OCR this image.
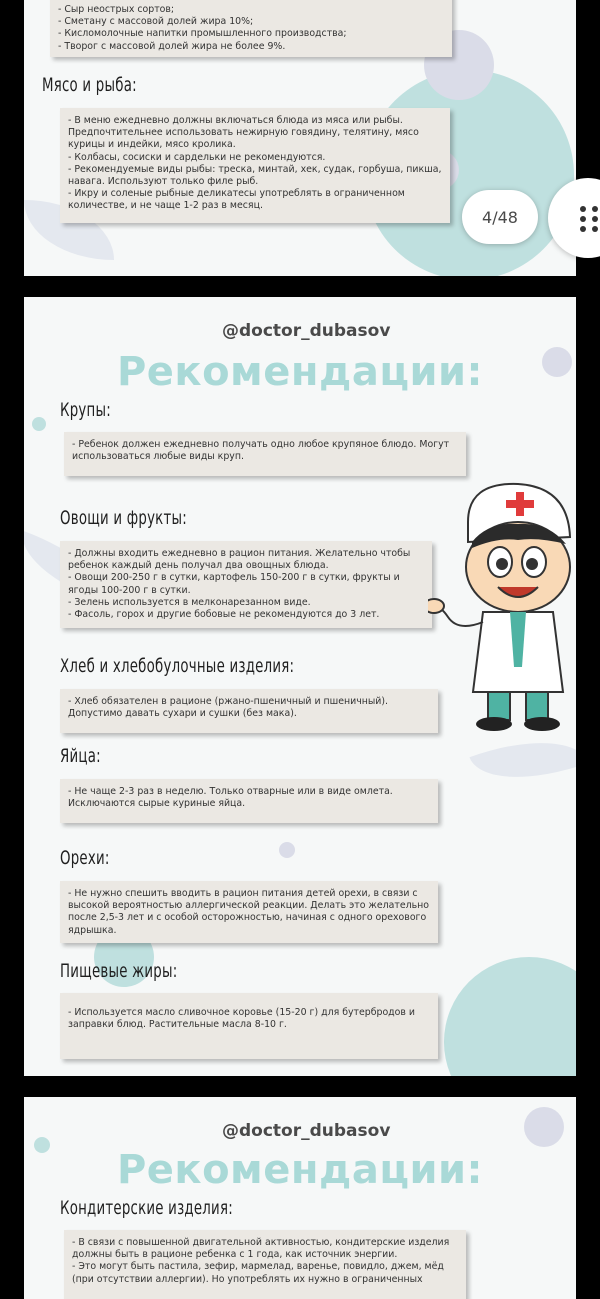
- Сыр неострых сортов;
- Сметану с массовой долей жира 10%;
- Кисломолочные напитки промышленного производства;
- Творог с массовой долей жира не более 9%.
Мясо и рыба:
- В меню ежедневно должны включаться блюда из мяса или рыбы. Предпочтительнее использовать нежирную говядину, телятину, мясо курицы и индейки, мясо кролика.
- Колбасы, сосиски и сардельки не рекомендуются.
- Рекомендуемые виды рыбы: треска, минтай, хек, судак, горбуша, пикша, навага. Используют только филе рыб.
- Икру и соленые рыбные деликатесы употреблять в ограниченном количестве, и не чаще 1-2 раз в месяц.
4/48
@doctor_dubasov
Рекомендации:
Крупы:
- Ребенок должен ежедневно получать одно любое крупяное блюдо. Могут использоваться любые виды круп.
Овощи и фрукты:
- Должны входить ежедневно в рацион питания. Желательно чтобы ребенок каждый день получал два овощных блюда.
- Овощи 200-250 г в сутки, картофель 150-200 г в сутки, фрукты и ягоды 100-200 г в сутки.
- Зелень используется в мелконарезанном виде.
- Фасоль, горох и другие бобовые не рекомендуются до 3 лет.
Хлеб и хлебобулочные изделия:
- Хлеб обязателен в рационе (ржано-пшеничный и пшеничный). Допустимо давать сухари и сушки (без мака).
Яйца:
- Не чаще 2-3 раз в неделю. Только отварные или в виде омлета. Исключаются сырые куриные яйца.
Орехи:
- Не нужно спешить вводить в рацион питания детей орехи, в связи с высокой вероятностью аллергической реакции. Делать это желательно после 2,5-3 лет и с особой осторожностью, начиная с одного орехового ядрышка.
Пищевые жиры:
- Используется масло сливочное коровье (15-20 г) для бутербродов и заправки блюд. Растительные масла 8-10 г.
@doctor_dubasov
Рекомендации:
Кондитерские изделия:
- В связи с повышенной двигательной активностью, кондитерские изделия должны быть в рационе ребенка с 1 года, как источник энергии.
- Это могут быть пастила, зефир, мармелад, варенье, повидло, джем, мёд (при отсутствии аллергии). Но употреблять их нужно в ограниченных
